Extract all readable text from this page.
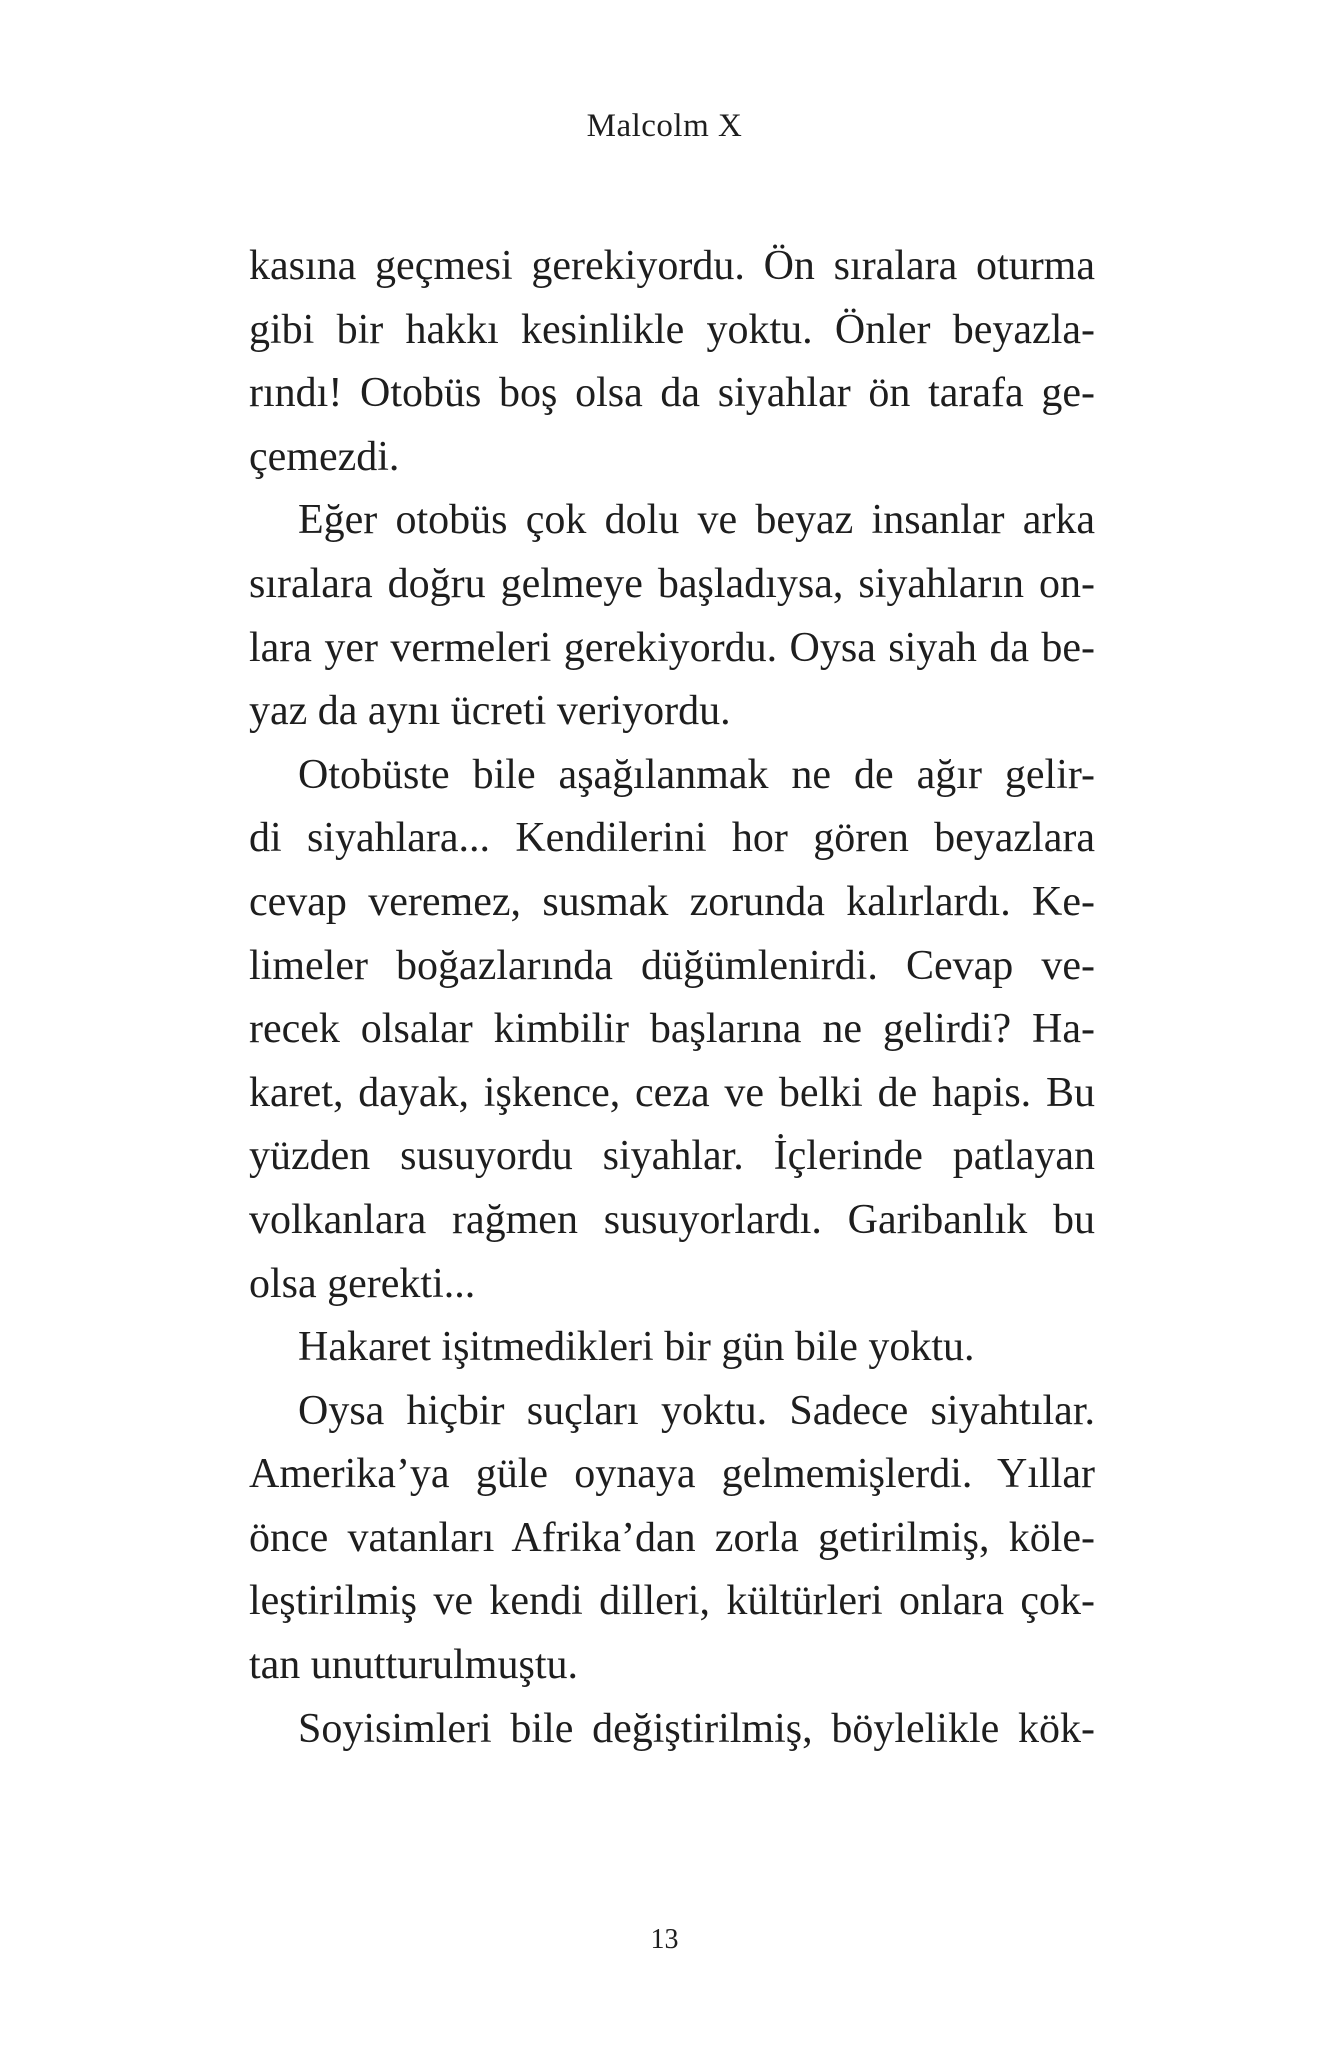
Malcolm X
kasına geçmesi gerekiyordu. Ön sıralara oturma
gibi bir hakkı kesinlikle yoktu. Önler beyazla-
rındı! Otobüs boş olsa da siyahlar ön tarafa ge-
çemezdi.
Eğer otobüs çok dolu ve beyaz insanlar arka
sıralara doğru gelmeye başladıysa, siyahların on-
lara yer vermeleri gerekiyordu. Oysa siyah da be-
yaz da aynı ücreti veriyordu.
Otobüste bile aşağılanmak ne de ağır gelir-
di siyahlara... Kendilerini hor gören beyazlara
cevap veremez, susmak zorunda kalırlardı. Ke-
limeler boğazlarında düğümlenirdi. Cevap ve-
recek olsalar kimbilir başlarına ne gelirdi? Ha-
karet, dayak, işkence, ceza ve belki de hapis. Bu
yüzden susuyordu siyahlar. İçlerinde patlayan
volkanlara rağmen susuyorlardı. Garibanlık bu
olsa gerekti...
Hakaret işitmedikleri bir gün bile yoktu.
Oysa hiçbir suçları yoktu. Sadece siyahtılar.
Amerika’ya güle oynaya gelmemişlerdi. Yıllar
önce vatanları Afrika’dan zorla getirilmiş, köle-
leştirilmiş ve kendi dilleri, kültürleri onlara çok-
tan unutturulmuştu.
Soyisimleri bile değiştirilmiş, böylelikle kök-
13
